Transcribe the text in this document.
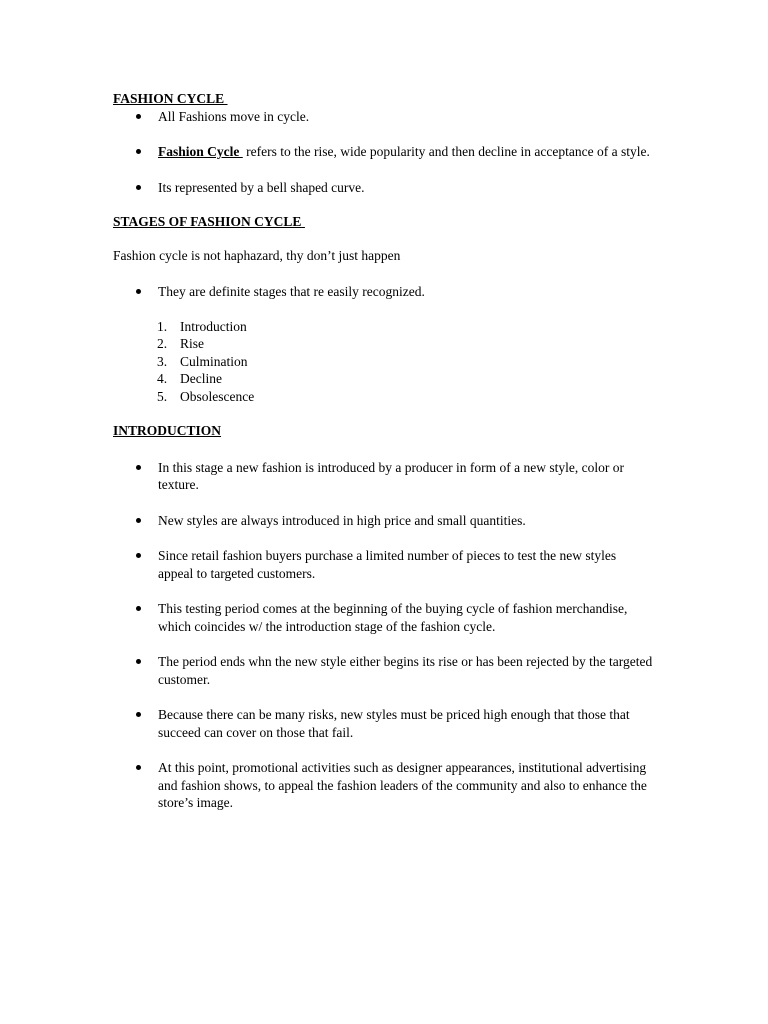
FASHION CYCLE

All Fashions move in cycle.
Fashion Cycle  refers to the rise, wide popularity and then decline in acceptance of a style.
Its represented by a bell shaped curve.

STAGES OF FASHION CYCLE

Fashion cycle is not haphazard, thy don’t just happen

They are definite stages that re easily recognized.
1. Introduction
2. Rise
3. Culmination
4. Decline
5. Obsolescence

INTRODUCTION

In this stage a new fashion is introduced by a producer in form of a new style, color or texture.
New styles are always introduced in high price and small quantities.
Since retail fashion buyers purchase a limited number of pieces to test the new styles appeal to targeted customers.
This testing period comes at the beginning of the buying cycle of fashion merchandise, which coincides w/ the introduction stage of the fashion cycle.
The period ends whn the new style either begins its rise or has been rejected by the targeted customer.
Because there can be many risks, new styles must be priced high enough that those that succeed can cover on those that fail.
At this point, promotional activities such as designer appearances, institutional advertising and fashion shows, to appeal the fashion leaders of the community and also to enhance the store’s image.
